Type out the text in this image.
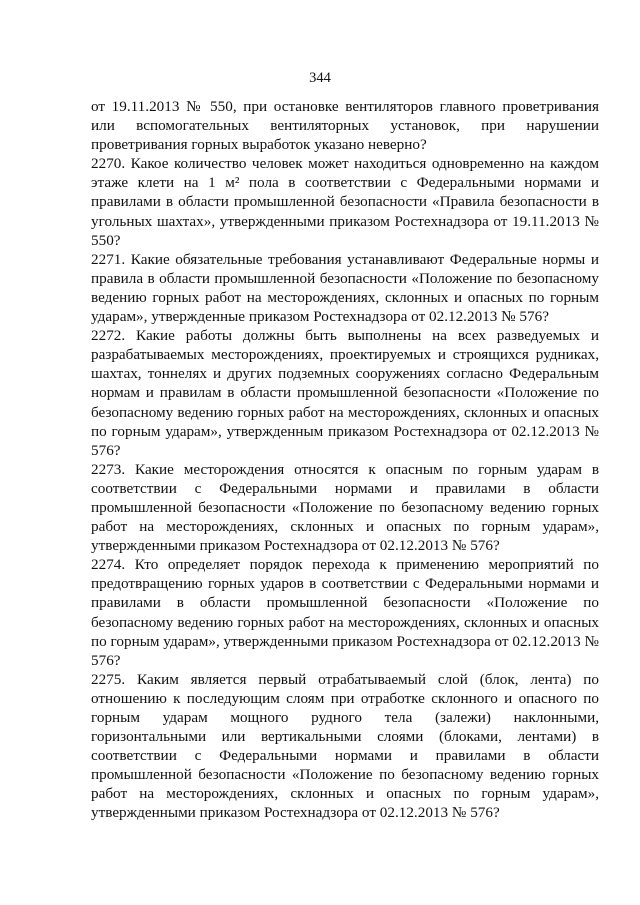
344

от 19.11.2013 № 550, при остановке вентиляторов главного проветривания или вспомогательных вентиляторных установок, при нарушении проветривания горных выработок указано неверно?

2270. Какое количество человек может находиться одновременно на каждом этаже клети на 1 м² пола в соответствии с Федеральными нормами и правилами в области промышленной безопасности «Правила безопасности в угольных шахтах», утвержденными приказом Ростехнадзора от 19.11.2013 № 550?

2271. Какие обязательные требования устанавливают Федеральные нормы и правила в области промышленной безопасности «Положение по безопасному ведению горных работ на месторождениях, склонных и опасных по горным ударам», утвержденные приказом Ростехнадзора от 02.12.2013 № 576?

2272. Какие работы должны быть выполнены на всех разведуемых и разрабатываемых месторождениях, проектируемых и строящихся рудниках, шахтах, тоннелях и других подземных сооружениях согласно Федеральным нормам и правилам в области промышленной безопасности «Положение по безопасному ведению горных работ на месторождениях, склонных и опасных по горным ударам», утвержденным приказом Ростехнадзора от 02.12.2013 № 576?

2273. Какие месторождения относятся к опасным по горным ударам в соответствии с Федеральными нормами и правилами в области промышленной безопасности «Положение по безопасному ведению горных работ на месторождениях, склонных и опасных по горным ударам», утвержденными приказом Ростехнадзора от 02.12.2013 № 576?

2274. Кто определяет порядок перехода к применению мероприятий по предотвращению горных ударов в соответствии с Федеральными нормами и правилами в области промышленной безопасности «Положение по безопасному ведению горных работ на месторождениях, склонных и опасных по горным ударам», утвержденными приказом Ростехнадзора от 02.12.2013 № 576?

2275. Каким является первый отрабатываемый слой (блок, лента) по отношению к последующим слоям при отработке склонного и опасного по горным ударам мощного рудного тела (залежи) наклонными, горизонтальными или вертикальными слоями (блоками, лентами) в соответствии с Федеральными нормами и правилами в области промышленной безопасности «Положение по безопасному ведению горных работ на месторождениях, склонных и опасных по горным ударам», утвержденными приказом Ростехнадзора от 02.12.2013 № 576?
